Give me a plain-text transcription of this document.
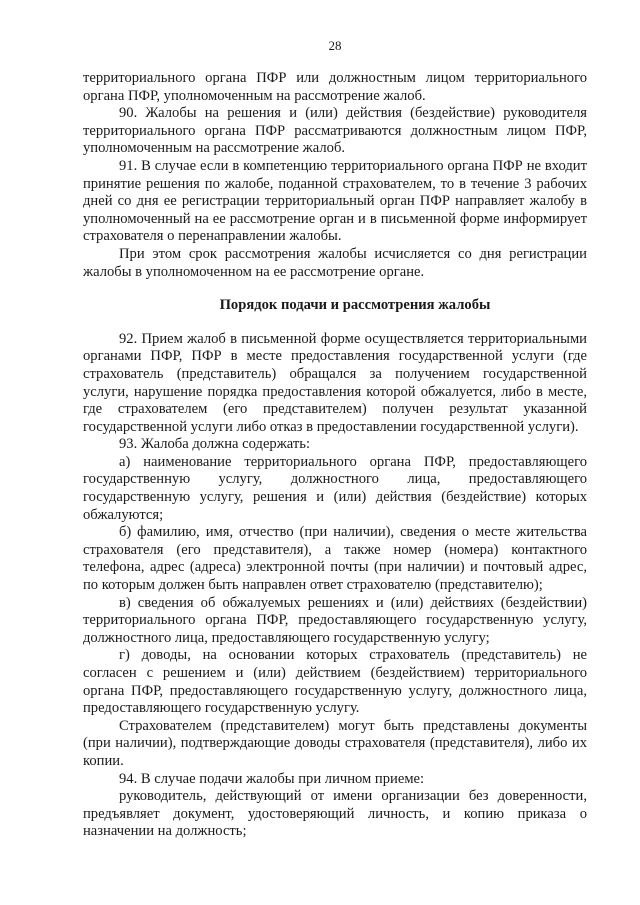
28

территориального органа ПФР или должностным лицом территориального органа ПФР, уполномоченным на рассмотрение жалоб.

90. Жалобы на решения и (или) действия (бездействие) руководителя территориального органа ПФР рассматриваются должностным лицом ПФР, уполномоченным на рассмотрение жалоб.

91. В случае если в компетенцию территориального органа ПФР не входит принятие решения по жалобе, поданной страхователем, то в течение 3 рабочих дней со дня ее регистрации территориальный орган ПФР направляет жалобу в уполномоченный на ее рассмотрение орган и в письменной форме информирует страхователя о перенаправлении жалобы.

При этом срок рассмотрения жалобы исчисляется со дня регистрации жалобы в уполномоченном на ее рассмотрение органе.

Порядок подачи и рассмотрения жалобы

92. Прием жалоб в письменной форме осуществляется территориальными органами ПФР, ПФР в месте предоставления государственной услуги (где страхователь (представитель) обращался за получением государственной услуги, нарушение порядка предоставления которой обжалуется, либо в месте, где страхователем (его представителем) получен результат указанной государственной услуги либо отказ в предоставлении государственной услуги).

93. Жалоба должна содержать:

а) наименование территориального органа ПФР, предоставляющего государственную услугу, должностного лица, предоставляющего государственную услугу, решения и (или) действия (бездействие) которых обжалуются;

б) фамилию, имя, отчество (при наличии), сведения о месте жительства страхователя (его представителя), а также номер (номера) контактного телефона, адрес (адреса) электронной почты (при наличии) и почтовый адрес, по которым должен быть направлен ответ страхователю (представителю);

в) сведения об обжалуемых решениях и (или) действиях (бездействии) территориального органа ПФР, предоставляющего государственную услугу, должностного лица, предоставляющего государственную услугу;

г) доводы, на основании которых страхователь (представитель) не согласен с решением и (или) действием (бездействием) территориального органа ПФР, предоставляющего государственную услугу, должностного лица, предоставляющего государственную услугу.

Страхователем (представителем) могут быть представлены документы (при наличии), подтверждающие доводы страхователя (представителя), либо их копии.

94. В случае подачи жалобы при личном приеме:

руководитель, действующий от имени организации без доверенности, предъявляет документ, удостоверяющий личность, и копию приказа о назначении на должность;
